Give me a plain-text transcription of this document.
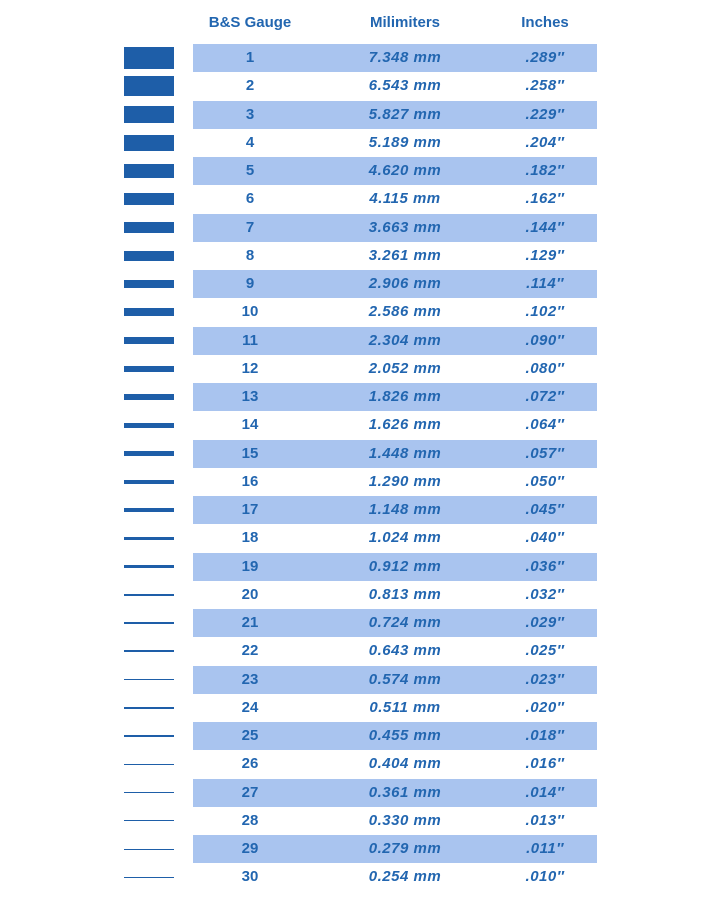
B&S Gauge	Milimiters	Inches
1	7.348 mm	.289″
2	6.543 mm	.258″
3	5.827 mm	.229″
4	5.189 mm	.204″
5	4.620 mm	.182″
6	4.115 mm	.162″
7	3.663 mm	.144″
8	3.261 mm	.129″
9	2.906 mm	.114″
10	2.586 mm	.102″
11	2.304 mm	.090″
12	2.052 mm	.080″
13	1.826 mm	.072″
14	1.626 mm	.064″
15	1.448 mm	.057″
16	1.290 mm	.050″
17	1.148 mm	.045″
18	1.024 mm	.040″
19	0.912 mm	.036″
20	0.813 mm	.032″
21	0.724 mm	.029″
22	0.643 mm	.025″
23	0.574 mm	.023″
24	0.511 mm	.020″
25	0.455 mm	.018″
26	0.404 mm	.016″
27	0.361 mm	.014″
28	0.330 mm	.013″
29	0.279 mm	.011″
30	0.254 mm	.010″
